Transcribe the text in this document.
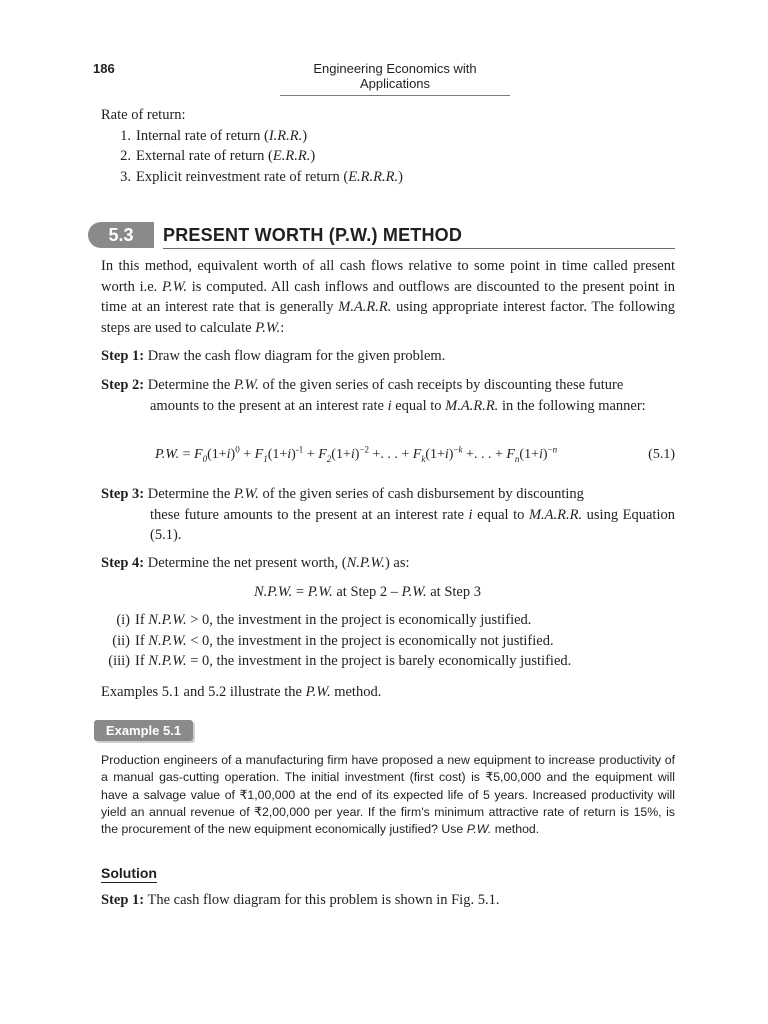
186	Engineering Economics with Applications
Rate of return:
1. Internal rate of return (I.R.R.)
2. External rate of return (E.R.R.)
3. Explicit reinvestment rate of return (E.R.R.R.)
5.3	PRESENT WORTH (P.W.) METHOD
In this method, equivalent worth of all cash flows relative to some point in time called present worth i.e. P.W. is computed. All cash inflows and outflows are discounted to the present point in time at an interest rate that is generally M.A.R.R. using appropriate interest factor. The following steps are used to calculate P.W.:
Step 1: Draw the cash flow diagram for the given problem.
Step 2: Determine the P.W. of the given series of cash receipts by discounting these future
amounts to the present at an interest rate i equal to M.A.R.R. in the following manner:
P.W. = $F_0(1+i)^0 + F_1(1+i)^{-1} + F_2(1+i)^{-2}$ +. . . + $F_k(1+i)^{-k}$ +. . . + $F_n(1+i)^{-n}$	(5.1)
Step 3: Determine the P.W. of the given series of cash disbursement by discounting
these future amounts to the present at an interest rate i equal to M.A.R.R. using Equation (5.1).
Step 4: Determine the net present worth, (N.P.W.) as:
N.P.W. = P.W. at Step 2 – P.W. at Step 3
(i) If N.P.W. > 0, the investment in the project is economically justified.
(ii) If N.P.W. < 0, the investment in the project is economically not justified.
(iii) If N.P.W. = 0, the investment in the project is barely economically justified.
Examples 5.1 and 5.2 illustrate the P.W. method.
Example 5.1
Production engineers of a manufacturing firm have proposed a new equipment to increase productivity of a manual gas-cutting operation. The initial investment (first cost) is ₹5,00,000 and the equipment will have a salvage value of ₹1,00,000 at the end of its expected life of 5 years. Increased productivity will yield an annual revenue of ₹2,00,000 per year. If the firm's minimum attractive rate of return is 15%, is the procurement of the new equipment economically justified? Use P.W. method.
Solution
Step 1: The cash flow diagram for this problem is shown in Fig. 5.1.
